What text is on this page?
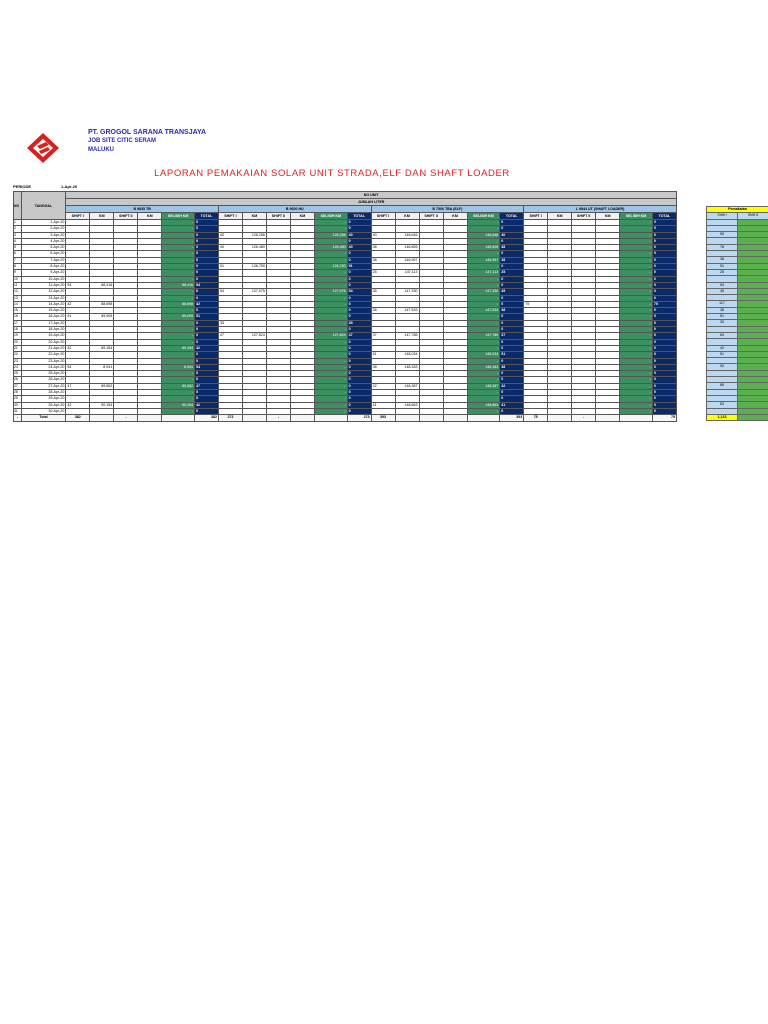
PT. GROGOL SARANA TRANSJAYA
JOB SITE CITIC SERAM
MALUKU
LAPORAN PEMAKAIAN SOLAR UNIT STRADA,ELF DAN SHAFT LOADER
PERIODE	1-Apr-20
NO	TANGGAL	NO UNIT																							
		JUMLAH LITER																							
		B 9835 TB						B 9600 HU						B 7506 TBA (ELF)						L 9844 UT (SHAFT LOADER)					
		SHIFT I	KM	SHIFT II	KM	SELISIH KM	TOTAL	SHIFT I	KM	SHIFT II	KM	SELISIH KM	TOTAL	SHIFT I	KM	SHIFT II	KM	SELISIH KM	TOTAL	SHIFT I	KM	SHIFT II	KM	SELISIH KM	TOTAL
1	1-Apr-20					-	0					-	0					-	0					-	0
2	2-Apr-20					-	0					-	0					-	0					-	0
3	3-Apr-20					-	0	40	126,288			126,288	40	40	146,646			146,646	40					-	0
4	4-Apr-20					-	0					-	0					-	0					-	0
5	5-Apr-20					-	0	40	126,480			126,480	40	38	146,826			146,826	38					-	0
6	6-Apr-20					-	0					-	0					-	0					-	0
7	7-Apr-20					-	0					-	0	38	146,957			146,957	38					-	0
8	8-Apr-20					-	0	51	126,750			126,750	51					-	0					-	0
9	9-Apr-20					-	0					-	0	25	147,113			147,113	25					-	0
10	10-Apr-20					-	0					-	0					-	0					-	0
11	11-Apr-20	54	88,416			88,416	54					-	0					-	0					-	0
12	12-Apr-20					-	0	54	127,075			127,075	54	45	147,330			147,330	45					-	0
13	13-Apr-20					-	0					-	0					-	0					-	0
14	14-Apr-20	42	88,698			88,698	42					-	0					-	0	75				-	75
15	15-Apr-20					-	0					-	0	38	147,533			147,533	38					-	0
16	16-Apr-20	51	89,005			89,005	51					-	0					-	0					-	0
17	17-Apr-20					-	0	35				-	35					-	0					-	0
18	18-Apr-20					-	0					-	0					-	0					-	0
19	19-Apr-20					-	0	47	127,624			127,624	47	37	147,786			147,786	37					-	0
20	20-Apr-20					-	0					-	0					-	0					-	0
21	21-Apr-20	42	89,154			89,154	42					-	0					-	0					-	0
22	22-Apr-20					-	0					-	0	51	148,034			148,034	51					-	0
23	23-Apr-20					-	0					-	0					-	0					-	0
24	24-Apr-20	54	8,941			8,941	54					-	0	38	148,183			148,183	38					-	0
25	25-Apr-20					-	0					-	0					-	0					-	0
26	26-Apr-20					-	0					-	0					-	0					-	0
27	27-Apr-20	47	89,662			89,662	47					-	0	42	148,387			148,387	42					-	0
28	28-Apr-20					-	0					-	0					-	0					-	0
29	29-Apr-20					-	0					-	0					-	0					-	0
30	29-Apr-20	42	90,154			90,154	42					-	0	41	148,663			148,663	41					-	0
31	30-Apr-20					-	0					-	0					-	0					-	0
-	Total	382		-			382	273		-			273	393					393	75		-			75
Pemakaian	
Shift I	Shift II

55	

78	

38	
51	
25	

54	
45	

117	
38	
51	
35	

84	

42	
51	

92	

89	

83	

1,123	
